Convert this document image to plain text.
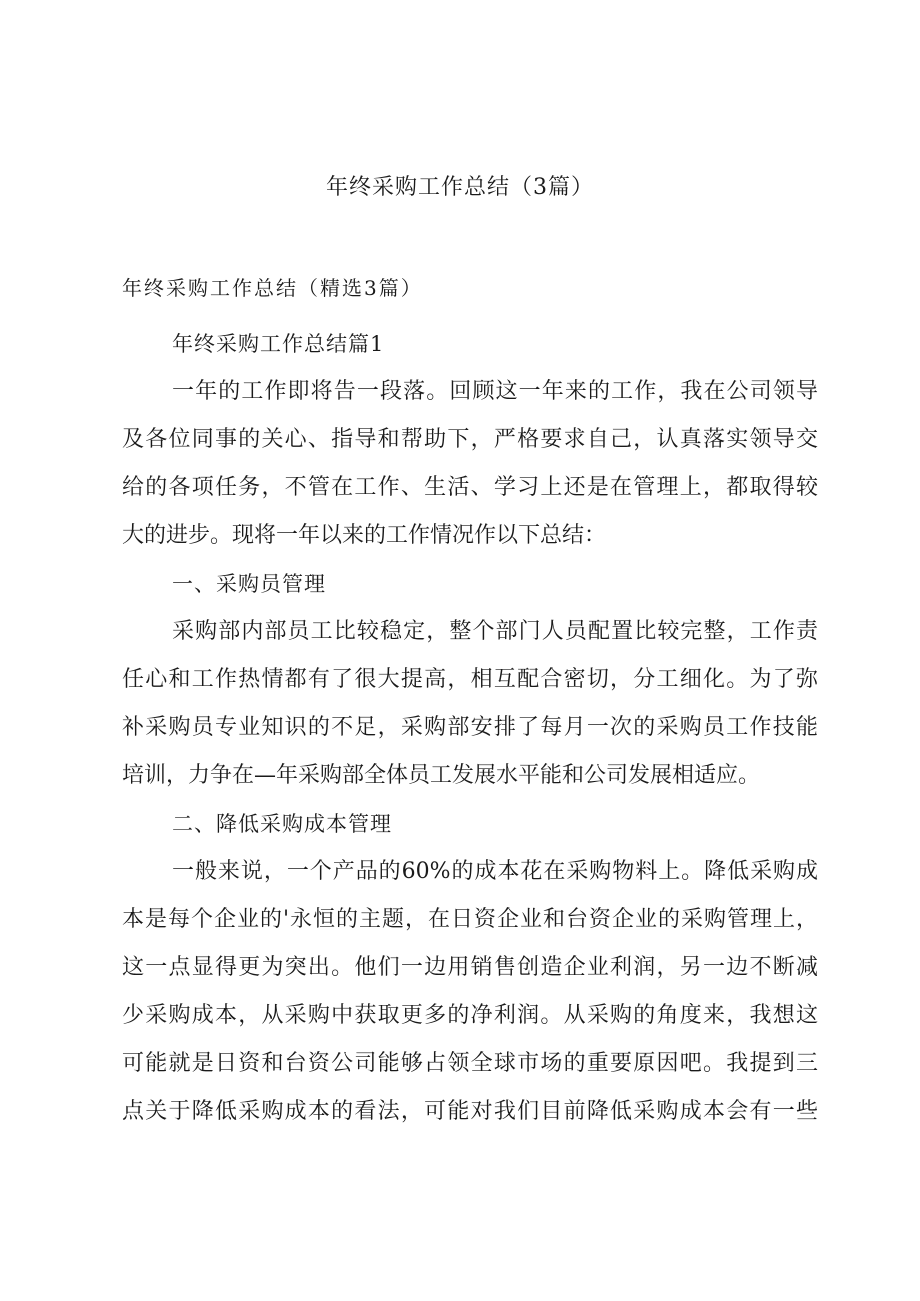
年终采购工作总结（3篇）
年终采购工作总结（精选3篇）
年终采购工作总结篇1
一年的工作即将告一段落。回顾这一年来的工作，我在公司领导
及各位同事的关心、指导和帮助下，严格要求自己，认真落实领导交
给的各项任务，不管在工作、生活、学习上还是在管理上，都取得较
大的进步。现将一年以来的工作情况作以下总结：
一、采购员管理
采购部内部员工比较稳定，整个部门人员配置比较完整，工作责
任心和工作热情都有了很大提高，相互配合密切，分工细化。为了弥
补采购员专业知识的不足，采购部安排了每月一次的采购员工作技能
培训，力争在—年采购部全体员工发展水平能和公司发展相适应。
二、降低采购成本管理
一般来说，一个产品的60%的成本花在采购物料上。降低采购成
本是每个企业的'永恒的主题，在日资企业和台资企业的采购管理上，
这一点显得更为突出。他们一边用销售创造企业利润，另一边不断减
少采购成本，从采购中获取更多的净利润。从采购的角度来，我想这
可能就是日资和台资公司能够占领全球市场的重要原因吧。我提到三
点关于降低采购成本的看法，可能对我们目前降低采购成本会有一些
